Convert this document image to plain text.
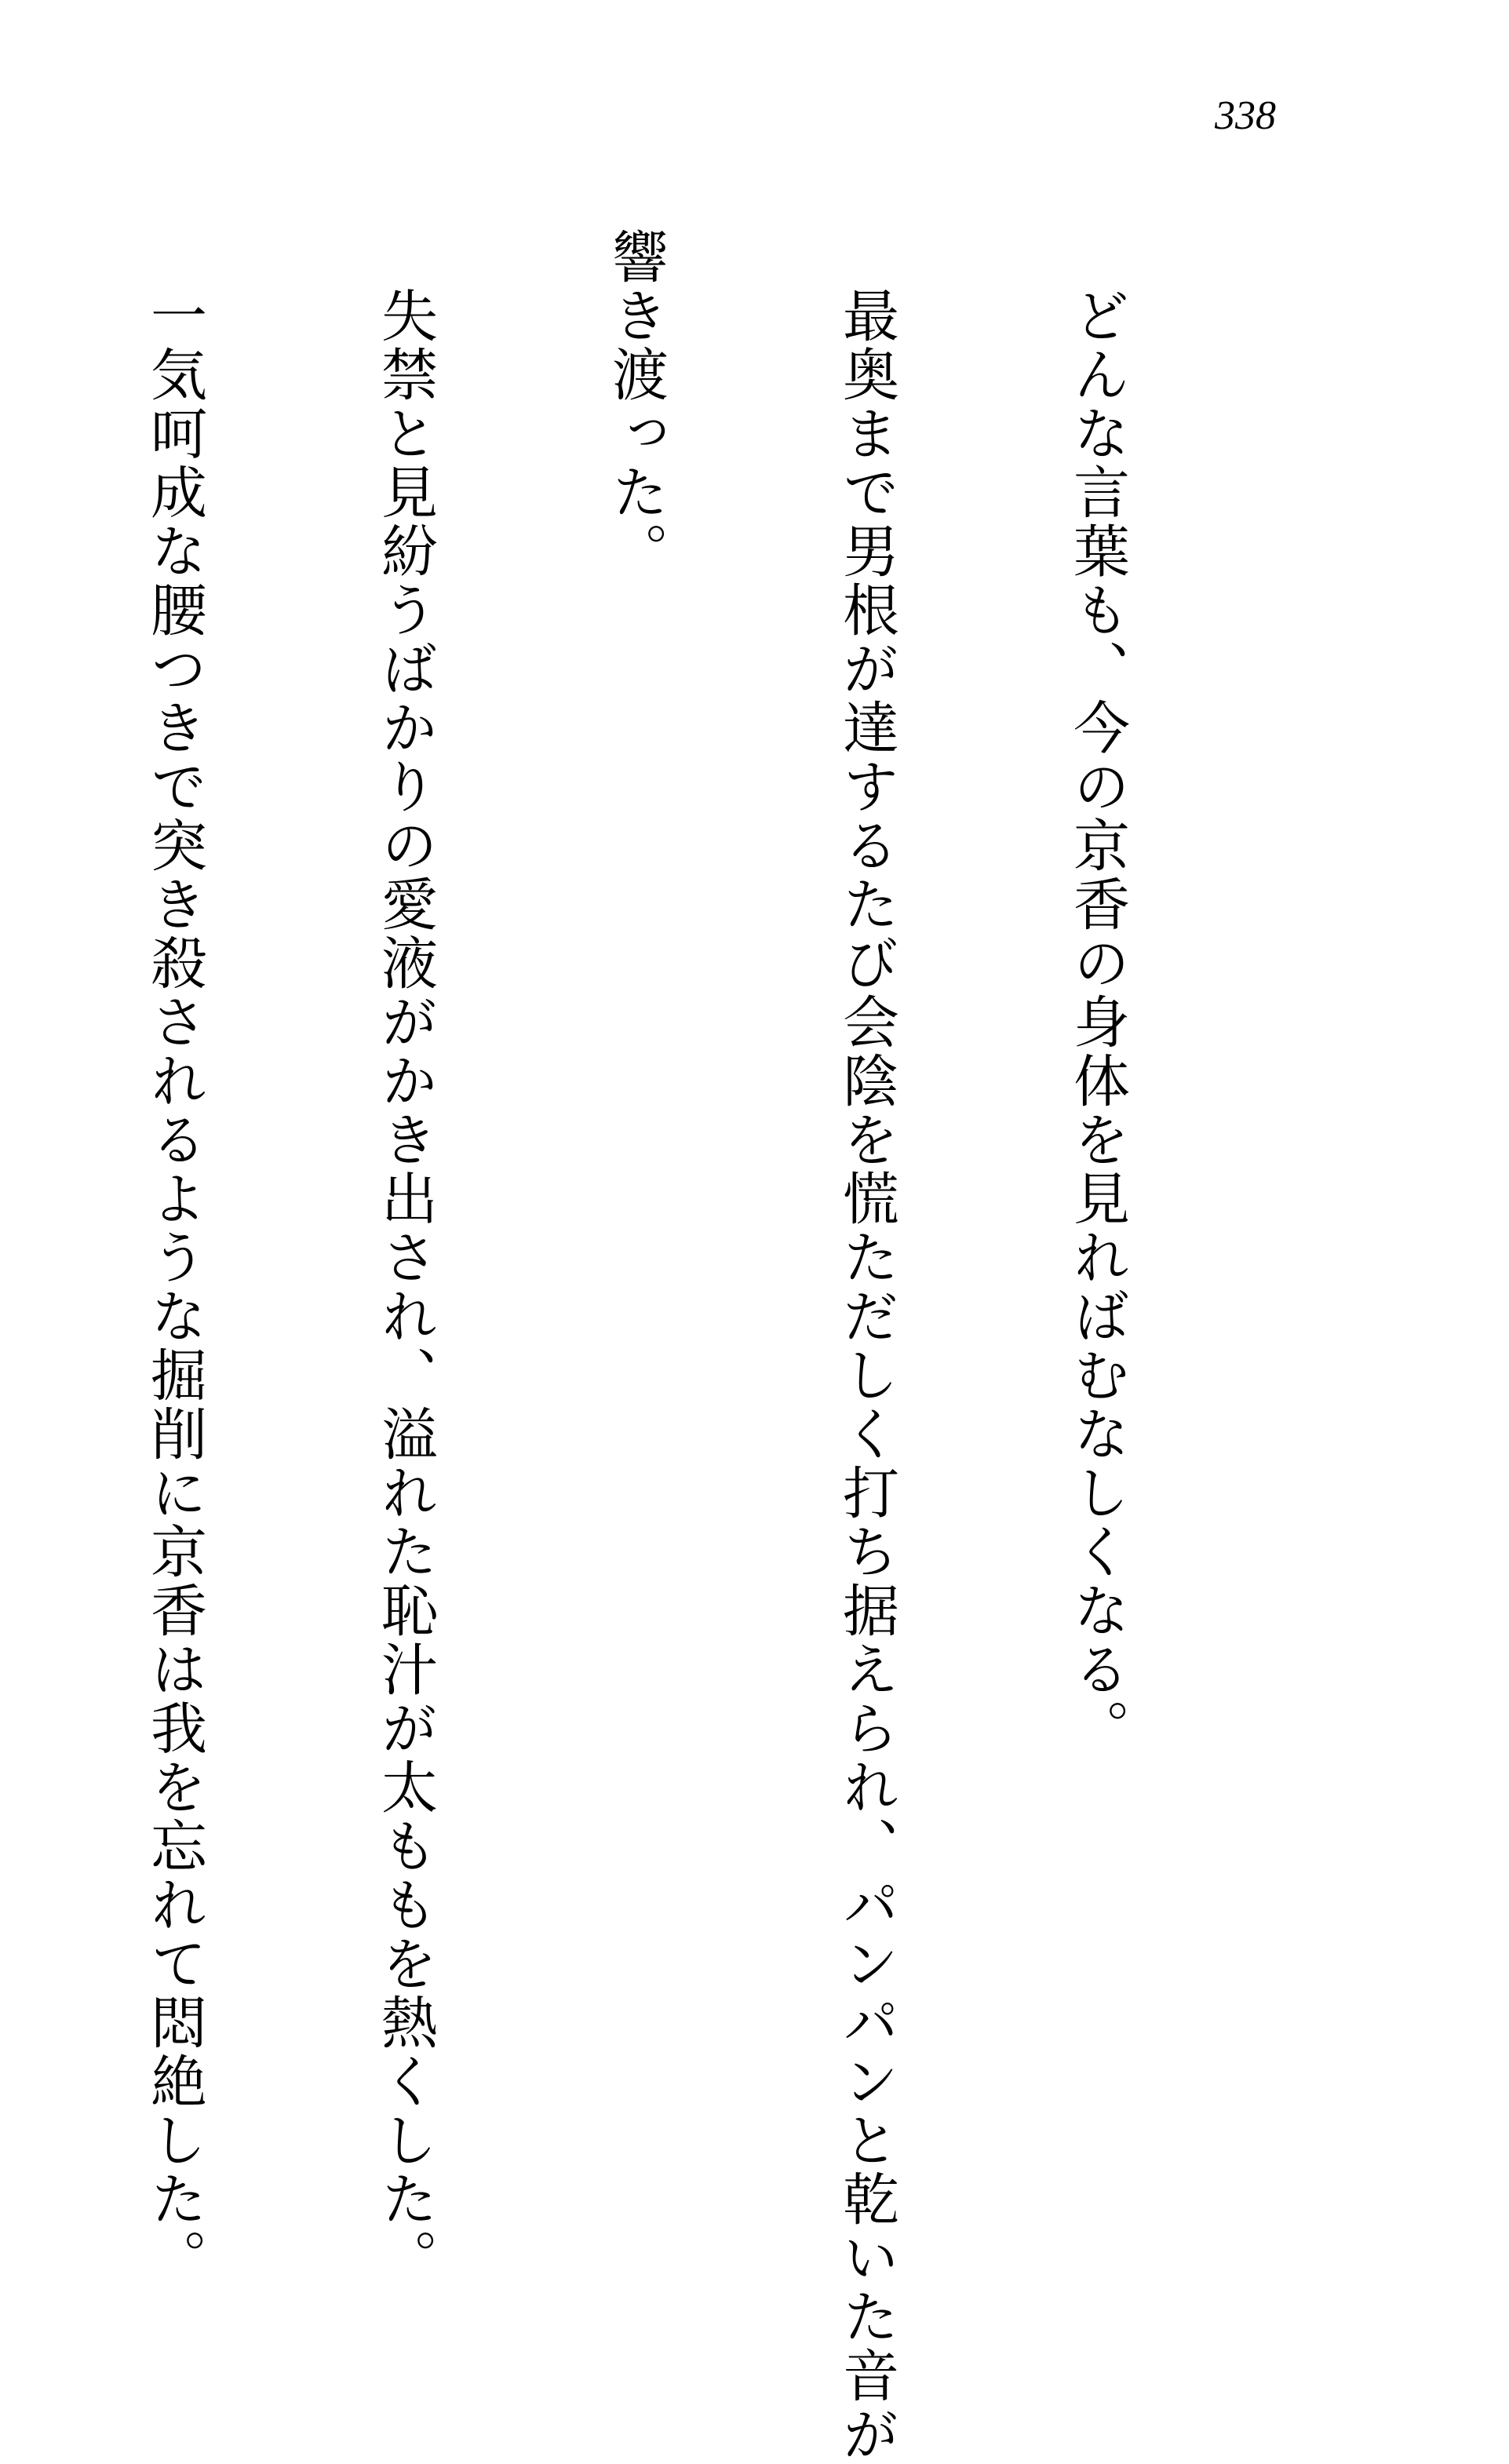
338

　どんな言葉も、今の京香の身体を見ればむなしくなる。

　最奥まで男根が達するたび会陰を慌ただしく打ち据えられ、パンパンと乾いた音が

響き渡った。

　失禁と見紛うばかりの愛液がかき出され、溢れた恥汁が太ももを熱くした。

　一気呵成な腰つきで突き殺されるような掘削に京香は我を忘れて悶絶した。
